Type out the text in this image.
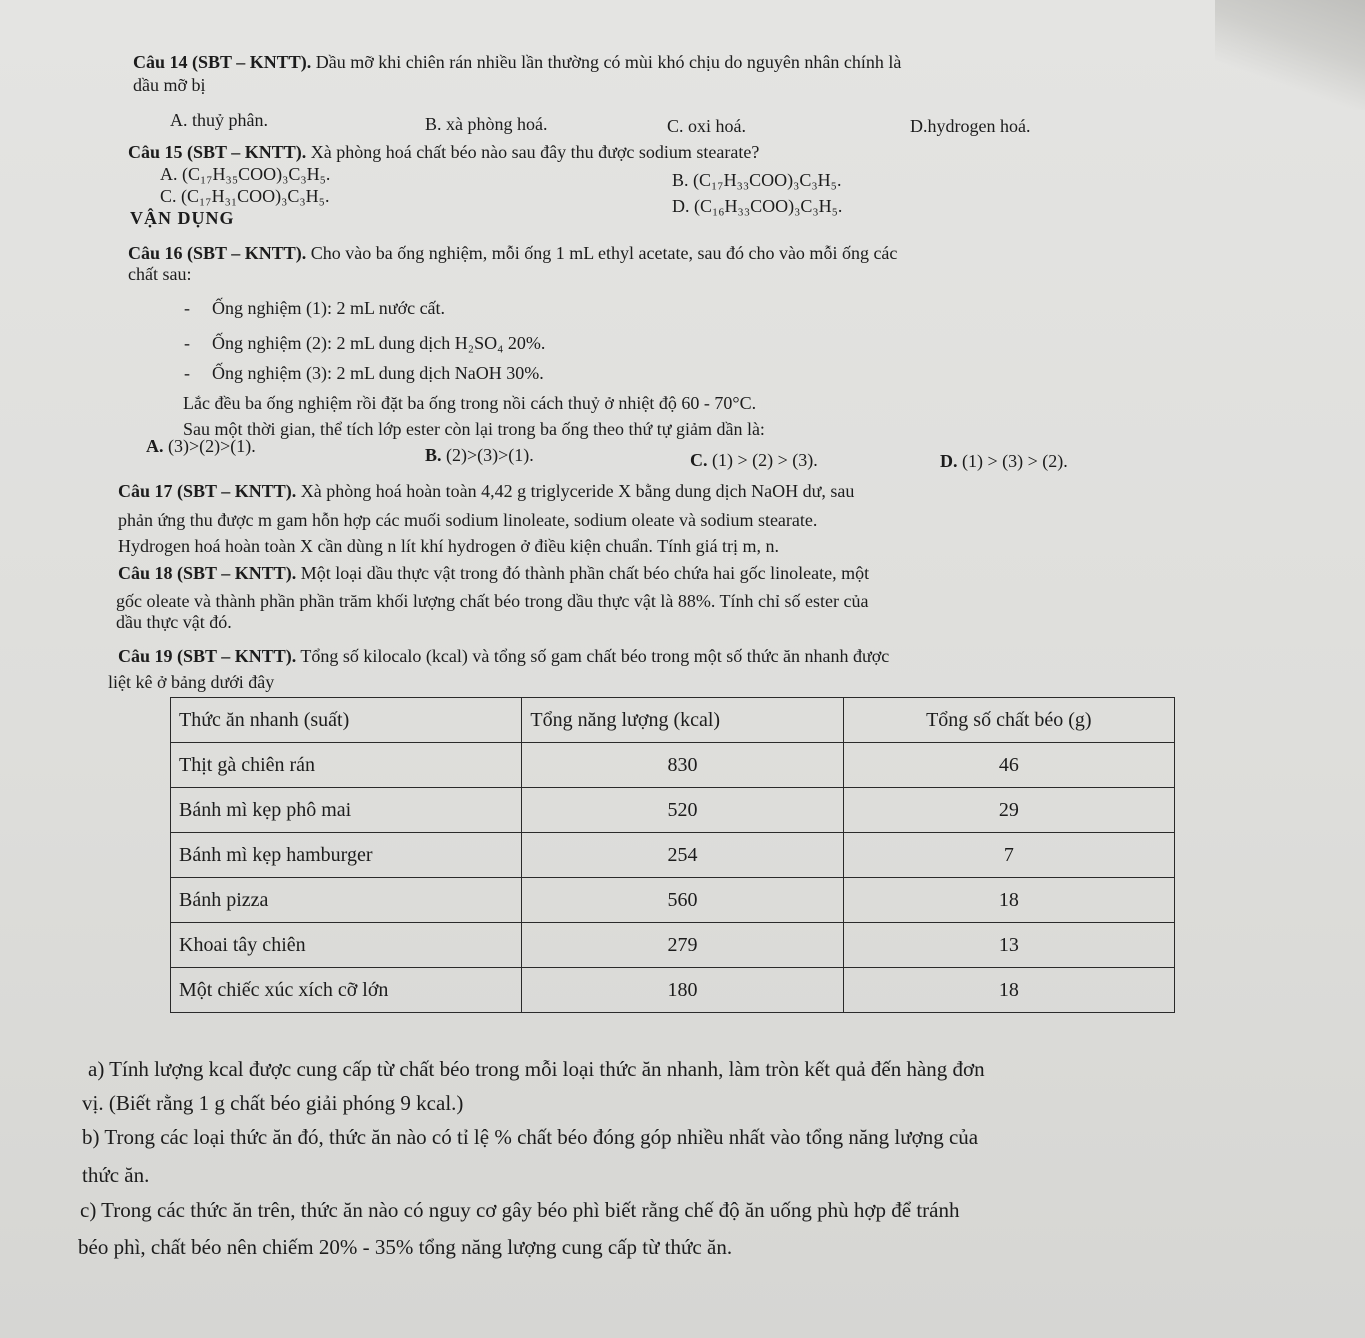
Câu 14 (SBT – KNTT). Dầu mỡ khi chiên rán nhiều lần thường có mùi khó chịu do nguyên nhân chính là
dầu mỡ bị
A. thuỷ phân.	B. xà phòng hoá.	C. oxi hoá.	D.hydrogen hoá.
Câu 15 (SBT – KNTT). Xà phòng hoá chất béo nào sau đây thu được sodium stearate?
A. (C₁₇H₃₅COO)₃C₃H₅.	B. (C₁₇H₃₃COO)₃C₃H₅.
C. (C₁₇H₃₁COO)₃C₃H₅.	D. (C₁₆H₃₃COO)₃C₃H₅.
VẬN DỤNG
Câu 16 (SBT – KNTT). Cho vào ba ống nghiệm, mỗi ống 1 mL ethyl acetate, sau đó cho vào mỗi ống các
chất sau:
- Ống nghiệm (1): 2 mL nước cất.
- Ống nghiệm (2): 2 mL dung dịch H₂SO₄ 20%.
- Ống nghiệm (3): 2 mL dung dịch NaOH 30%.
Lắc đều ba ống nghiệm rồi đặt ba ống trong nồi cách thuỷ ở nhiệt độ 60 - 70°C.
Sau một thời gian, thể tích lớp ester còn lại trong ba ống theo thứ tự giảm dần là:
A. (3)>(2)>(1).	B. (2)>(3)>(1).	C. (1) > (2) > (3).	D. (1) > (3) > (2).
Câu 17 (SBT – KNTT). Xà phòng hoá hoàn toàn 4,42 g triglyceride X bằng dung dịch NaOH dư, sau
phản ứng thu được m gam hỗn hợp các muối sodium linoleate, sodium oleate và sodium stearate.
Hydrogen hoá hoàn toàn X cần dùng n lít khí hydrogen ở điều kiện chuẩn. Tính giá trị m, n.
Câu 18 (SBT – KNTT). Một loại dầu thực vật trong đó thành phần chất béo chứa hai gốc linoleate, một
gốc oleate và thành phần phần trăm khối lượng chất béo trong dầu thực vật là 88%. Tính chỉ số ester của
dầu thực vật đó.
Câu 19 (SBT – KNTT). Tổng số kilocalo (kcal) và tổng số gam chất béo trong một số thức ăn nhanh được
liệt kê ở bảng dưới đây
Thức ăn nhanh (suất)	Tổng năng lượng (kcal)	Tổng số chất béo (g)
Thịt gà chiên rán	830	46
Bánh mì kẹp phô mai	520	29
Bánh mì kẹp hamburger	254	7
Bánh pizza	560	18
Khoai tây chiên	279	13
Một chiếc xúc xích cỡ lớn	180	18
a) Tính lượng kcal được cung cấp từ chất béo trong mỗi loại thức ăn nhanh, làm tròn kết quả đến hàng đơn
vị. (Biết rằng 1 g chất béo giải phóng 9 kcal.)
b) Trong các loại thức ăn đó, thức ăn nào có tỉ lệ % chất béo đóng góp nhiều nhất vào tổng năng lượng của
thức ăn.
c) Trong các thức ăn trên, thức ăn nào có nguy cơ gây béo phì biết rằng chế độ ăn uống phù hợp để tránh
béo phì, chất béo nên chiếm 20% - 35% tổng năng lượng cung cấp từ thức ăn.
